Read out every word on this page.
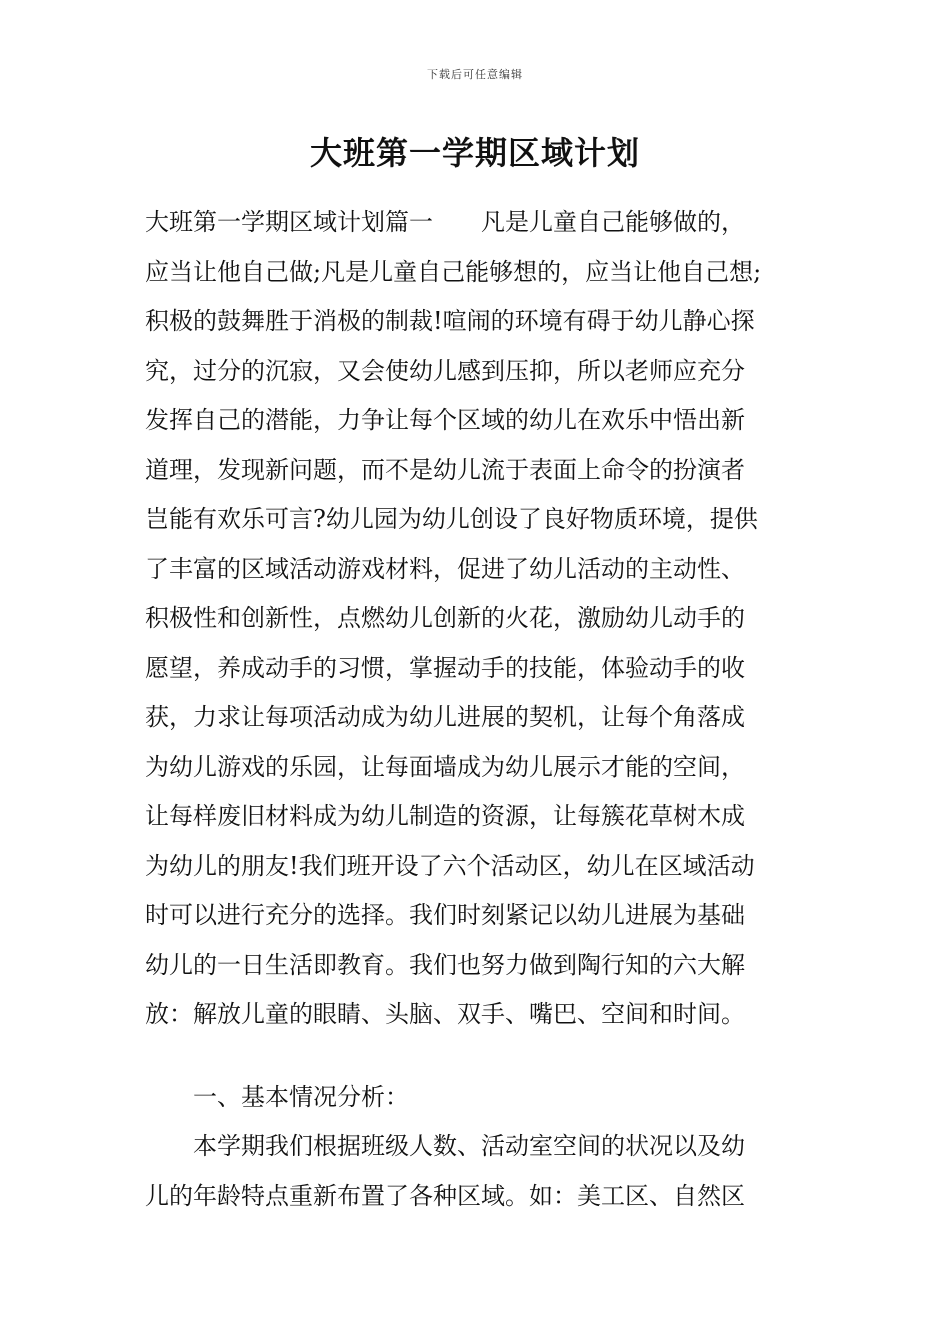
下载后可任意编辑
大班第一学期区域计划
大班第一学期区域计划篇一　　凡是儿童自己能够做的，
应当让他自己做;凡是儿童自己能够想的，应当让他自己想;
积极的鼓舞胜于消极的制裁!喧闹的环境有碍于幼儿静心探
究，过分的沉寂，又会使幼儿感到压抑，所以老师应充分
发挥自己的潜能，力争让每个区域的幼儿在欢乐中悟出新
道理，发现新问题，而不是幼儿流于表面上命令的扮演者
岂能有欢乐可言?幼儿园为幼儿创设了良好物质环境，提供
了丰富的区域活动游戏材料，促进了幼儿活动的主动性、
积极性和创新性，点燃幼儿创新的火花，激励幼儿动手的
愿望，养成动手的习惯，掌握动手的技能，体验动手的收
获，力求让每项活动成为幼儿进展的契机，让每个角落成
为幼儿游戏的乐园，让每面墙成为幼儿展示才能的空间，
让每样废旧材料成为幼儿制造的资源，让每簇花草树木成
为幼儿的朋友!我们班开设了六个活动区，幼儿在区域活动
时可以进行充分的选择。我们时刻紧记以幼儿进展为基础
幼儿的一日生活即教育。我们也努力做到陶行知的六大解
放：解放儿童的眼睛、头脑、双手、嘴巴、空间和时间。
一、基本情况分析：
本学期我们根据班级人数、活动室空间的状况以及幼
儿的年龄特点重新布置了各种区域。如：美工区、自然区
